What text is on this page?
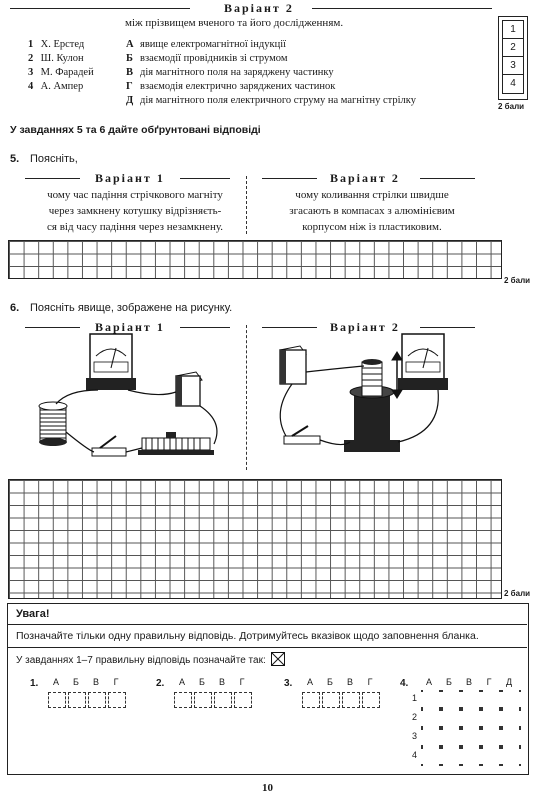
Варіант 2
між прізвищем вченого та його дослідженням.
1 Х. Ерстед
2 Ш. Кулон
3 М. Фарадей
4 А. Ампер
А явище електромагнітної індукції
Б взаємодії провідників зі струмом
В дія магнітного поля на заряджену частинку
Г взаємодія електрично заряджених частинок
Д дія магнітного поля електричного струму на магнітну стрілку
1
2
3
4
2 бали
У завданнях 5 та 6 дайте обґрунтовані відповіді
5. Поясніть,
Варіант 1	Варіант 2
чому час падіння стрічкового магніту
через замкнену котушку відрізняєть-
ся від часу падіння через незамкнену.
чому коливання стрілки швидше
згасають в компасах з алюмінієвим
корпусом ніж із пластиковим.
2 бали
6. Поясніть явище, зображене на рисунку.
Варіант 1	Варіант 2
2 бали
Увага!
Позначайте тільки одну правильну відповідь. Дотримуйтесь вказівок щодо заповнення бланка.
У завданнях 1–7 правильну відповідь позначайте так:
1.	А Б В Г	2.	А Б В Г	3.	А Б В Г	4.	А Б В Г Д
1
2
3
4
10
